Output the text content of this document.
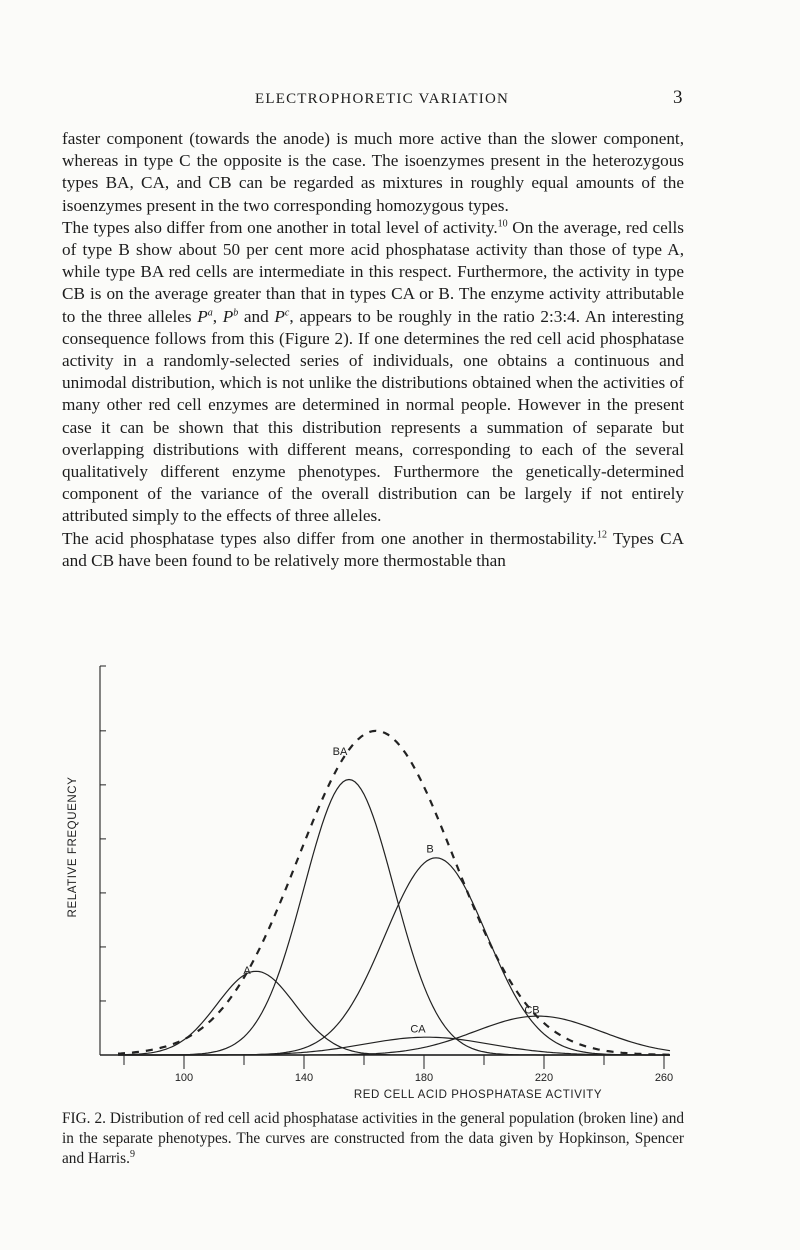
ELECTROPHORETIC VARIATION	3

faster component (towards the anode) is much more active than the slower component, whereas in type C the opposite is the case. The isoenzymes present in the heterozygous types BA, CA, and CB can be regarded as mixtures in roughly equal amounts of the isoenzymes present in the two corresponding homozygous types.

The types also differ from one another in total level of activity.$^{10}$ On the average, red cells of type B show about 50 per cent more acid phosphatase activity than those of type A, while type BA red cells are intermediate in this respect. Furthermore, the activity in type CB is on the average greater than that in types CA or B. The enzyme activity attributable to the three alleles $P^a$, $P^b$ and $P^c$, appears to be roughly in the ratio 2:3:4. An interesting consequence follows from this (Figure 2). If one determines the red cell acid phosphatase activity in a randomly-selected series of individuals, one obtains a continuous and unimodal distribution, which is not unlike the distributions obtained when the activities of many other red cell enzymes are determined in normal people. However in the present case it can be shown that this distribution represents a summation of separate but overlapping distributions with different means, corresponding to each of the several qualitatively different enzyme phenotypes. Furthermore the genetically-determined component of the variance of the overall distribution can be largely if not entirely attributed simply to the effects of three alleles.

The acid phosphatase types also differ from one another in thermostability.$^{12}$ Types CA and CB have been found to be relatively more thermostable than

100	140	180	220	260
RED CELL ACID PHOSPHATASE ACTIVITY
RELATIVE FREQUENCY
BA
B
A
CA
CB
FIG. 2. Distribution of red cell acid phosphatase activities in the general population (broken line) and in the separate phenotypes. The curves are constructed from the data given by Hopkinson, Spencer and Harris.$^9$
